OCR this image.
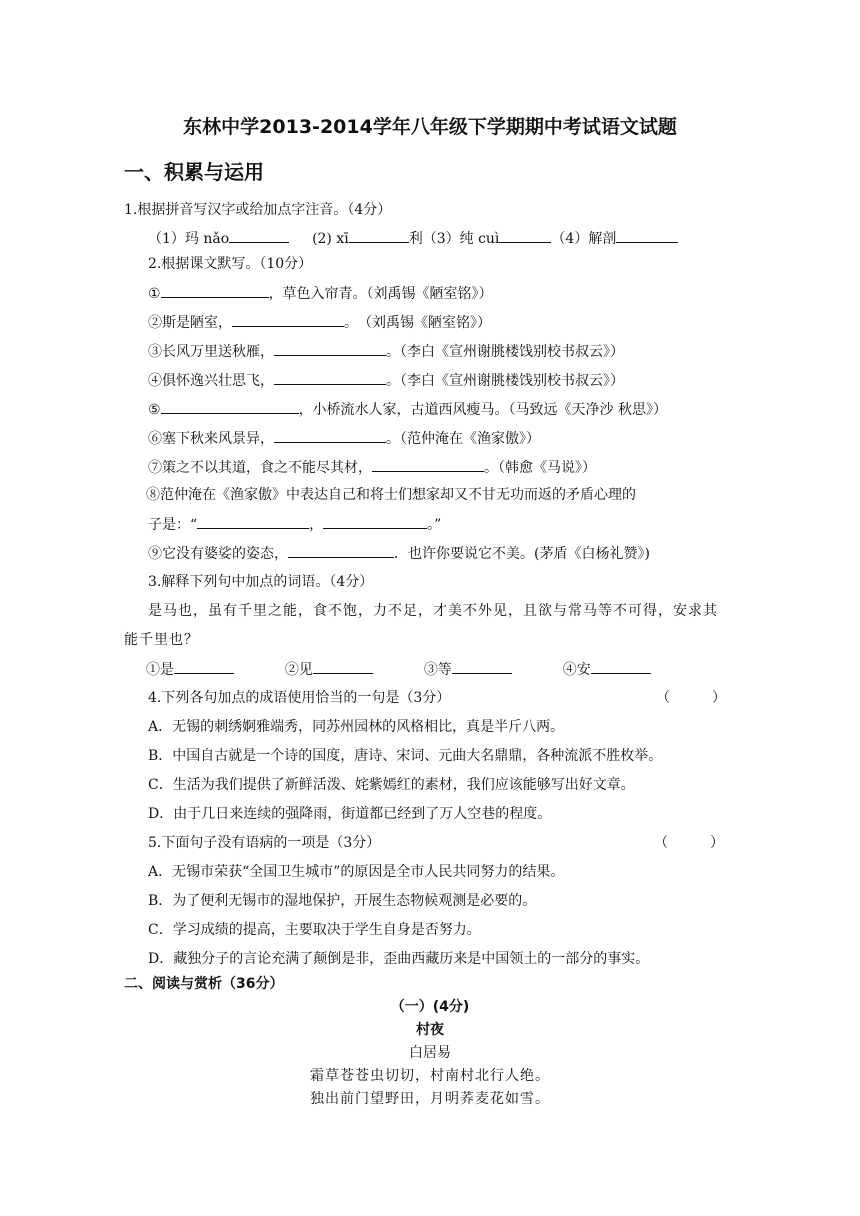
东林中学2013-2014学年八年级下学期期中考试语文试题
一、积累与运用
1.根据拼音写汉字或给加点字注音。（4分）
（1）玛 nǎo	(2) xī	利（3）纯 cuì	（4）解剖
2.根据课文默写。（10分）
①	，草色入帘青。（刘禹锡《陋室铭》）
②斯是陋室，	。　（刘禹锡《陋室铭》）
③长风万里送秋雁，	。（李白《宣州谢朓楼饯别校书叔云》）
④俱怀逸兴壮思飞，	。（李白《宣州谢朓楼饯别校书叔云》）
⑤	，小桥流水人家，古道西风瘦马。（马致远《天净沙 秋思》）
⑥塞下秋来风景异，	。（范仲淹在《渔家傲》）
⑦策之不以其道，食之不能尽其材，	。（韩愈《马说》）
⑧范仲淹在《渔家傲》中表达自己和将士们想家却又不甘无功而返的矛盾心理的
子是：“	，	。”
⑨它没有婆娑的姿态，	．也许你要说它不美。(茅盾《白杨礼赞》)
3.解释下列句中加点的词语。（4分）
是马也，虽有千里之能，食不饱，力不足，才美不外见，且欲与常马等不可得，安求其
能千里也？
①是	②见	③等	④安
4.下列各句加点的成语使用恰当的一句是（3分）	（　　　）
A．无锡的刺绣婀雅端秀，同苏州园林的风格相比，真是半斤八两。
B．中国自古就是一个诗的国度，唐诗、宋词、元曲大名鼎鼎，各种流派不胜枚举。
C．生活为我们提供了新鲜活泼、姹紫嫣红的素材，我们应该能够写出好文章。
D．由于几日来连续的强降雨，街道都已经到了万人空巷的程度。
5.下面句子没有语病的一项是（3分）	（　　　）
A．无锡市荣获“全国卫生城市”的原因是全市人民共同努力的结果。
B．为了便利无锡市的湿地保护，开展生态物候观测是必要的。
C．学习成绩的提高，主要取决于学生自身是否努力。
D．藏独分子的言论充满了颠倒是非，歪曲西藏历来是中国领土的一部分的事实。
二、阅读与赏析（36分）
（一）(4分)
村夜
白居易
霜草苍苍虫切切，村南村北行人绝。
独出前门望野田，月明荞麦花如雪。
